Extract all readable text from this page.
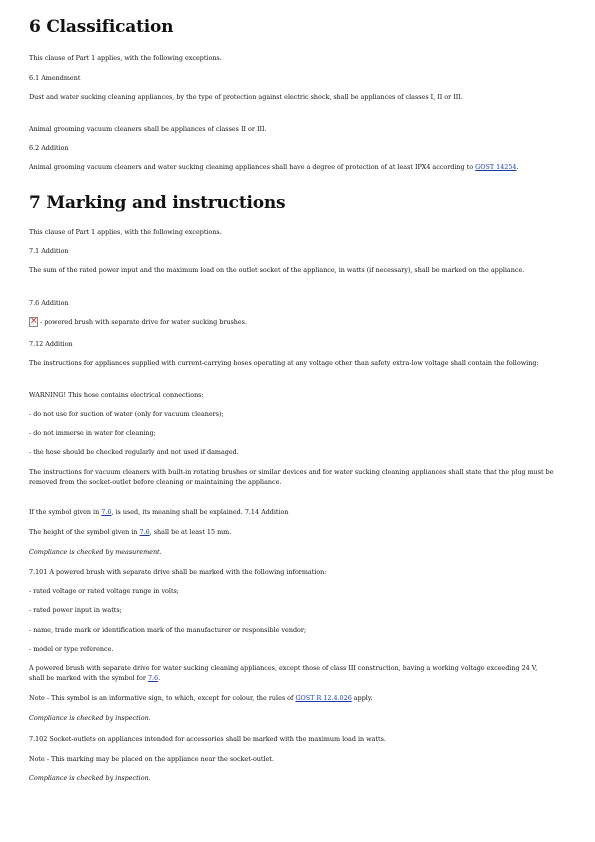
6 Classification
This clause of Part 1 applies, with the following exceptions.
6.1 Amendment
Dust and water sucking cleaning appliances, by the type of protection against electric shock, shall be appliances of classes I, II or III.
Animal grooming vacuum cleaners shall be appliances of classes II or III.
6.2 Addition
Animal grooming vacuum cleaners and water sucking cleaning appliances shall have a degree of protection of at least IPX4 according to GOST 14254.
7 Marking and instructions
This clause of Part 1 applies, with the following exceptions.
7.1 Addition
The sum of the rated power input and the maximum load on the outlet socket of the appliance, in watts (if necessary), shall be marked on the appliance.
7.6 Addition
×- powered brush with separate drive for water sucking brushes.
7.12 Addition
The instructions for appliances supplied with current-carrying hoses operating at any voltage other than safety extra-low voltage shall contain the following:
WARNING! This hose contains electrical connections:
- do not use for suction of water (only for vacuum cleaners);
- do not immerse in water for cleaning;
- the hose should be checked regularly and not used if damaged.
The instructions for vacuum cleaners with built-in rotating brushes or similar devices and for water sucking cleaning appliances shall state that the plug must be removed from the socket-outlet before cleaning or maintaining the appliance.
If the symbol given in 7.6, is used, its meaning shall be explained. 7.14 Addition
The height of the symbol given in 7.6, shall be at least 15 mm.
Compliance is checked by measurement.
7.101 A powered brush with separate drive shall be marked with the following information:
- rated voltage or rated voltage range in volts;
- rated power input in watts;
- name, trade mark or identification mark of the manufacturer or responsible vendor;
- model or type reference.
A powered brush with separate drive for water sucking cleaning appliances, except those of class III construction, having a working voltage exceeding 24 V, shall be marked with the symbol for 7.6.
Note - This symbol is an informative sign, to which, except for colour, the rules of GOST R 12.4.026 apply.
Compliance is checked by inspection.
7.102 Socket-outlets on appliances intended for accessories shall be marked with the maximum load in watts.
Note - This marking may be placed on the appliance near the socket-outlet.
Compliance is checked by inspection.
